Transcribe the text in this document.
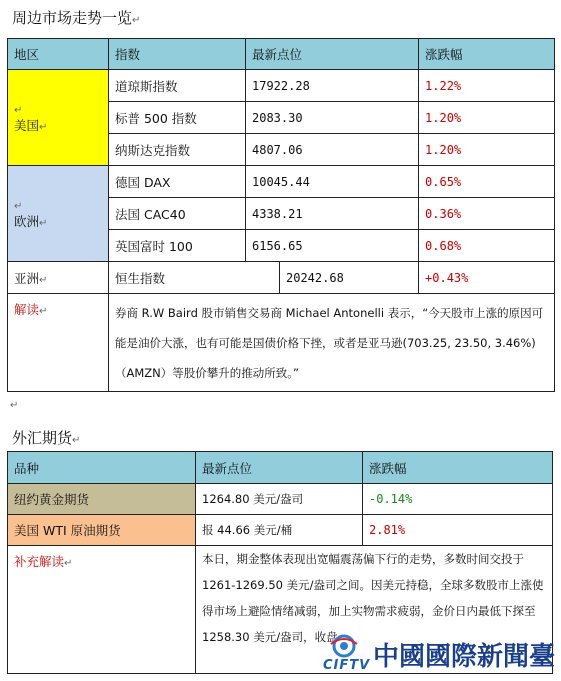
周边市场走势一览↵
地区	指数	最新点位		涨跌幅
↵
美国↵	道琼斯指数	17922.28		1.22%
	标普 500 指数	2083.30		1.20%
	纳斯达克指数	4807.06		1.20%
↵
欧洲↵	德国 DAX	10045.44		0.65%
	法国 CAC40	4338.21		0.36%
	英国富时 100	6156.65		0.68%
亚洲↵	恒生指数		20242.68	+0.43%
解读↵	券商 R.W Baird 股市销售交易商 Michael Antonelli 表示，“今天股市上涨的原因可能是油价大涨，也有可能是国债价格下挫，或者是亚马逊(703.25, 23.50, 3.46%)（AMZN）等股价攀升的推动所致。”			
↵
外汇期货↵
品种	最新点位	涨跌幅
纽约黄金期货	1264.80 美元/盎司	-0.14%
美国 WTI 原油期货	报 44.66 美元/桶	2.81%
补充解读↵	本日，期金整体表现出宽幅震荡偏下行的走势，多数时间交投于 1261-1269.50 美元/盎司之间。因美元持稳，全球多数股市上涨使得市场上避险情绪减弱，加上实物需求疲弱，金价日内最低下探至 1258.30 美元/盎司，收盘	
CIFTV 中國國際新聞臺
